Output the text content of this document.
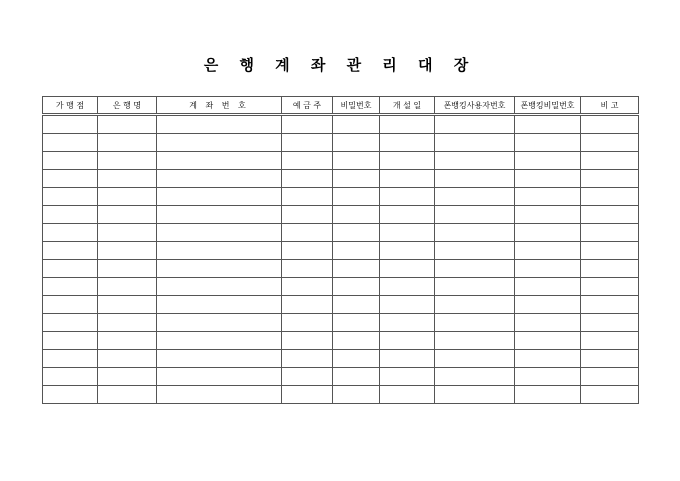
은 행 계 좌 관 리 대 장
가 맹 점	은 행 명	계 좌 번 호	예 금 주	비밀번호	개 설 일	폰뱅킹사용자번호	폰뱅킹비밀번호	비 고
